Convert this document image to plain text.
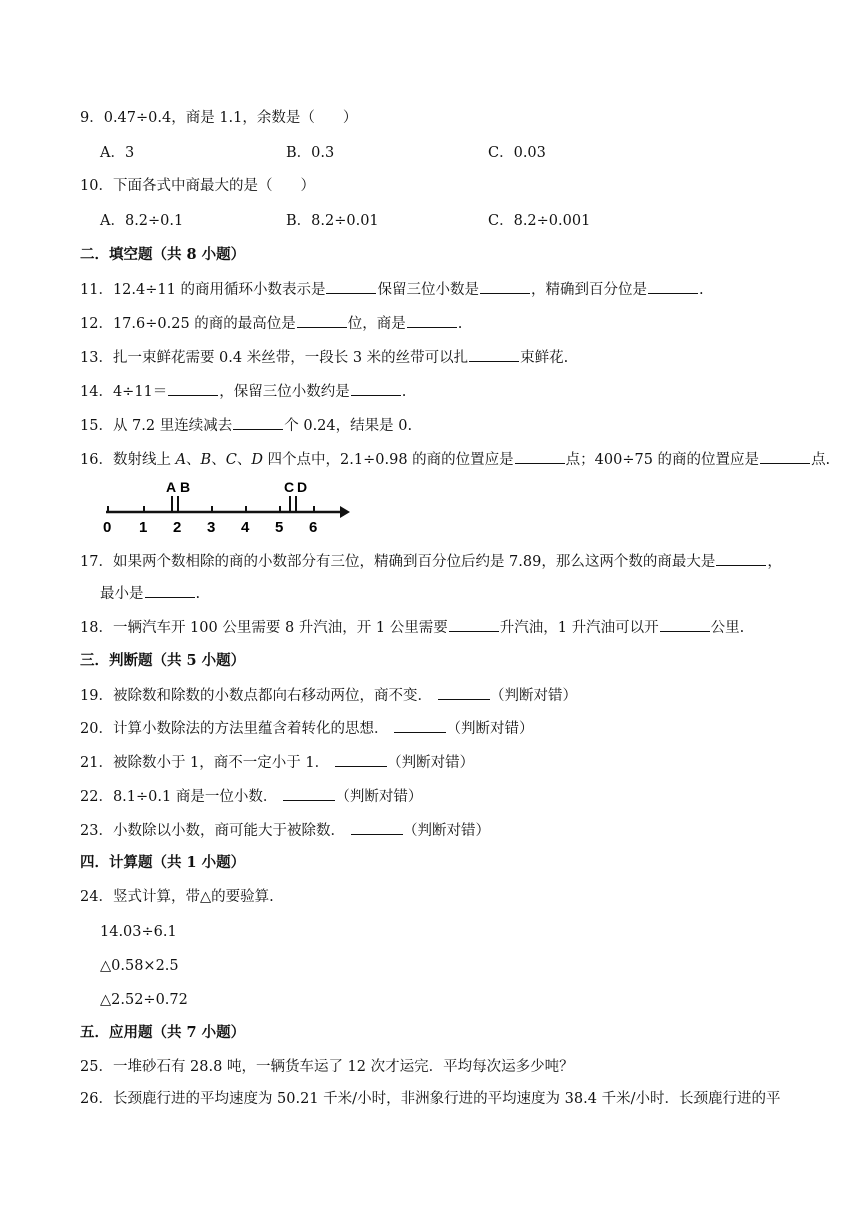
9．0.47÷0.4，商是 1.1，余数是（ ）
A．3	B．0.3	C．0.03
10．下面各式中商最大的是（ ）
A．8.2÷0.1	B．8.2÷0.01	C．8.2÷0.001
二．填空题（共 8 小题）
11．12.4÷11 的商用循环小数表示是	保留三位小数是	，精确到百分位是	.
12．17.6÷0.25 的商的最高位是	位，商是	.
13．扎一束鲜花需要 0.4 米丝带，一段长 3 米的丝带可以扎	束鲜花.
14．4÷11＝	，保留三位小数约是	.
15．从 7.2 里连续减去	个 0.24，结果是 0.
16．数射线上 A、B、C、D 四个点中，2.1÷0.98 的商的位置应是	点；400÷75 的商的位置应是	点.
A B	C D
0 1 2 3 4 5 6
17．如果两个数相除的商的小数部分有三位，精确到百分位后约是 7.89，那么这两个数的商最大是	，
最小是	.
18．一辆汽车开 100 公里需要 8 升汽油，开 1 公里需要	升汽油，1 升汽油可以开	公里.
三．判断题（共 5 小题）
19．被除数和除数的小数点都向右移动两位，商不变．	（判断对错）
20．计算小数除法的方法里蕴含着转化的思想．	（判断对错）
21．被除数小于 1，商不一定小于 1．	（判断对错）
22．8.1÷0.1 商是一位小数．	（判断对错）
23．小数除以小数，商可能大于被除数．	（判断对错）
四．计算题（共 1 小题）
24．竖式计算，带△的要验算.
14.03÷6.1
△0.58×2.5
△2.52÷0.72
五．应用题（共 7 小题）
25．一堆砂石有 28.8 吨，一辆货车运了 12 次才运完．平均每次运多少吨？
26．长颈鹿行进的平均速度为 50.21 千米/小时，非洲象行进的平均速度为 38.4 千米/小时．长颈鹿行进的平
